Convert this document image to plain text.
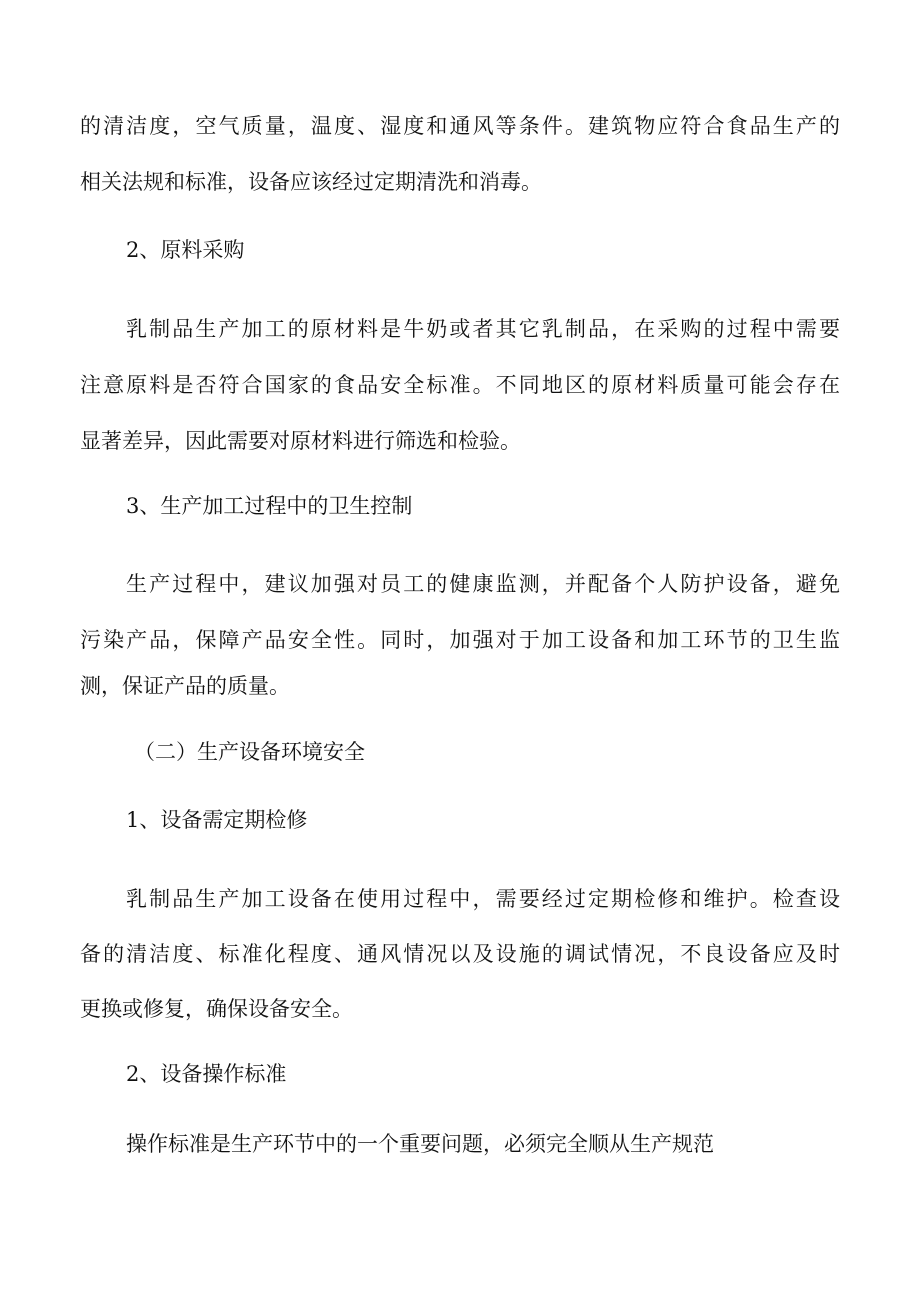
的清洁度，空气质量，温度、湿度和通风等条件。建筑物应符合食品生产的
相关法规和标准，设备应该经过定期清洗和消毒。
2、原料采购
乳制品生产加工的原材料是牛奶或者其它乳制品，在采购的过程中需要
注意原料是否符合国家的食品安全标准。不同地区的原材料质量可能会存在
显著差异，因此需要对原材料进行筛选和检验。
3、生产加工过程中的卫生控制
生产过程中，建议加强对员工的健康监测，并配备个人防护设备，避免
污染产品，保障产品安全性。同时，加强对于加工设备和加工环节的卫生监
测，保证产品的质量。
（二）生产设备环境安全
1、设备需定期检修
乳制品生产加工设备在使用过程中，需要经过定期检修和维护。检查设
备的清洁度、标准化程度、通风情况以及设施的调试情况，不良设备应及时
更换或修复，确保设备安全。
2、设备操作标准
操作标准是生产环节中的一个重要问题，必须完全顺从生产规范
